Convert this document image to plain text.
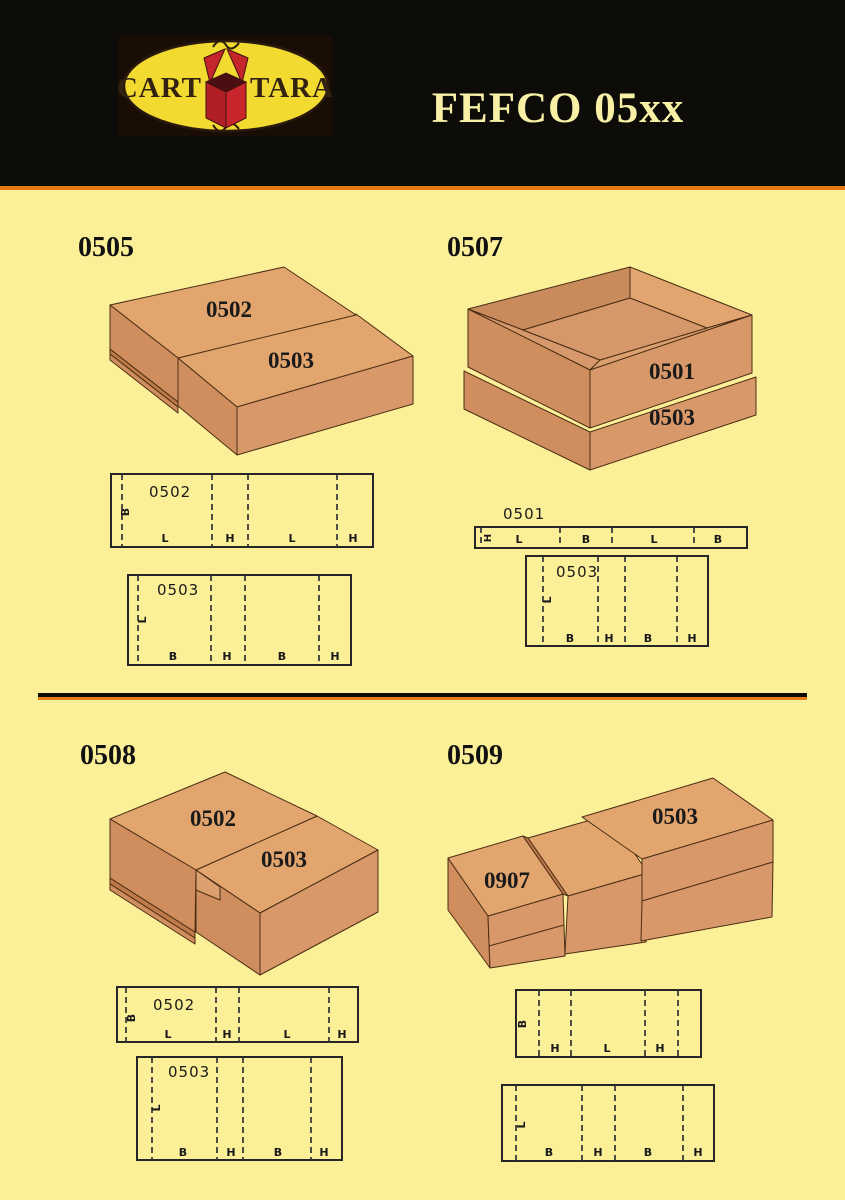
CART TARA	FEFCO 05xx
0505	0507
0508	0509
0502
0503	0501
0503
0502
0503
0907
0503
0502
B
L	H	L	H
0503
L
B	H	B	H
0501
H L	B	L	B
0503
L
B	H	B	H
0502
B
L	H	L	H
0503
L
B	H	B	H
B
H	L	H
L
B	H	B	H
